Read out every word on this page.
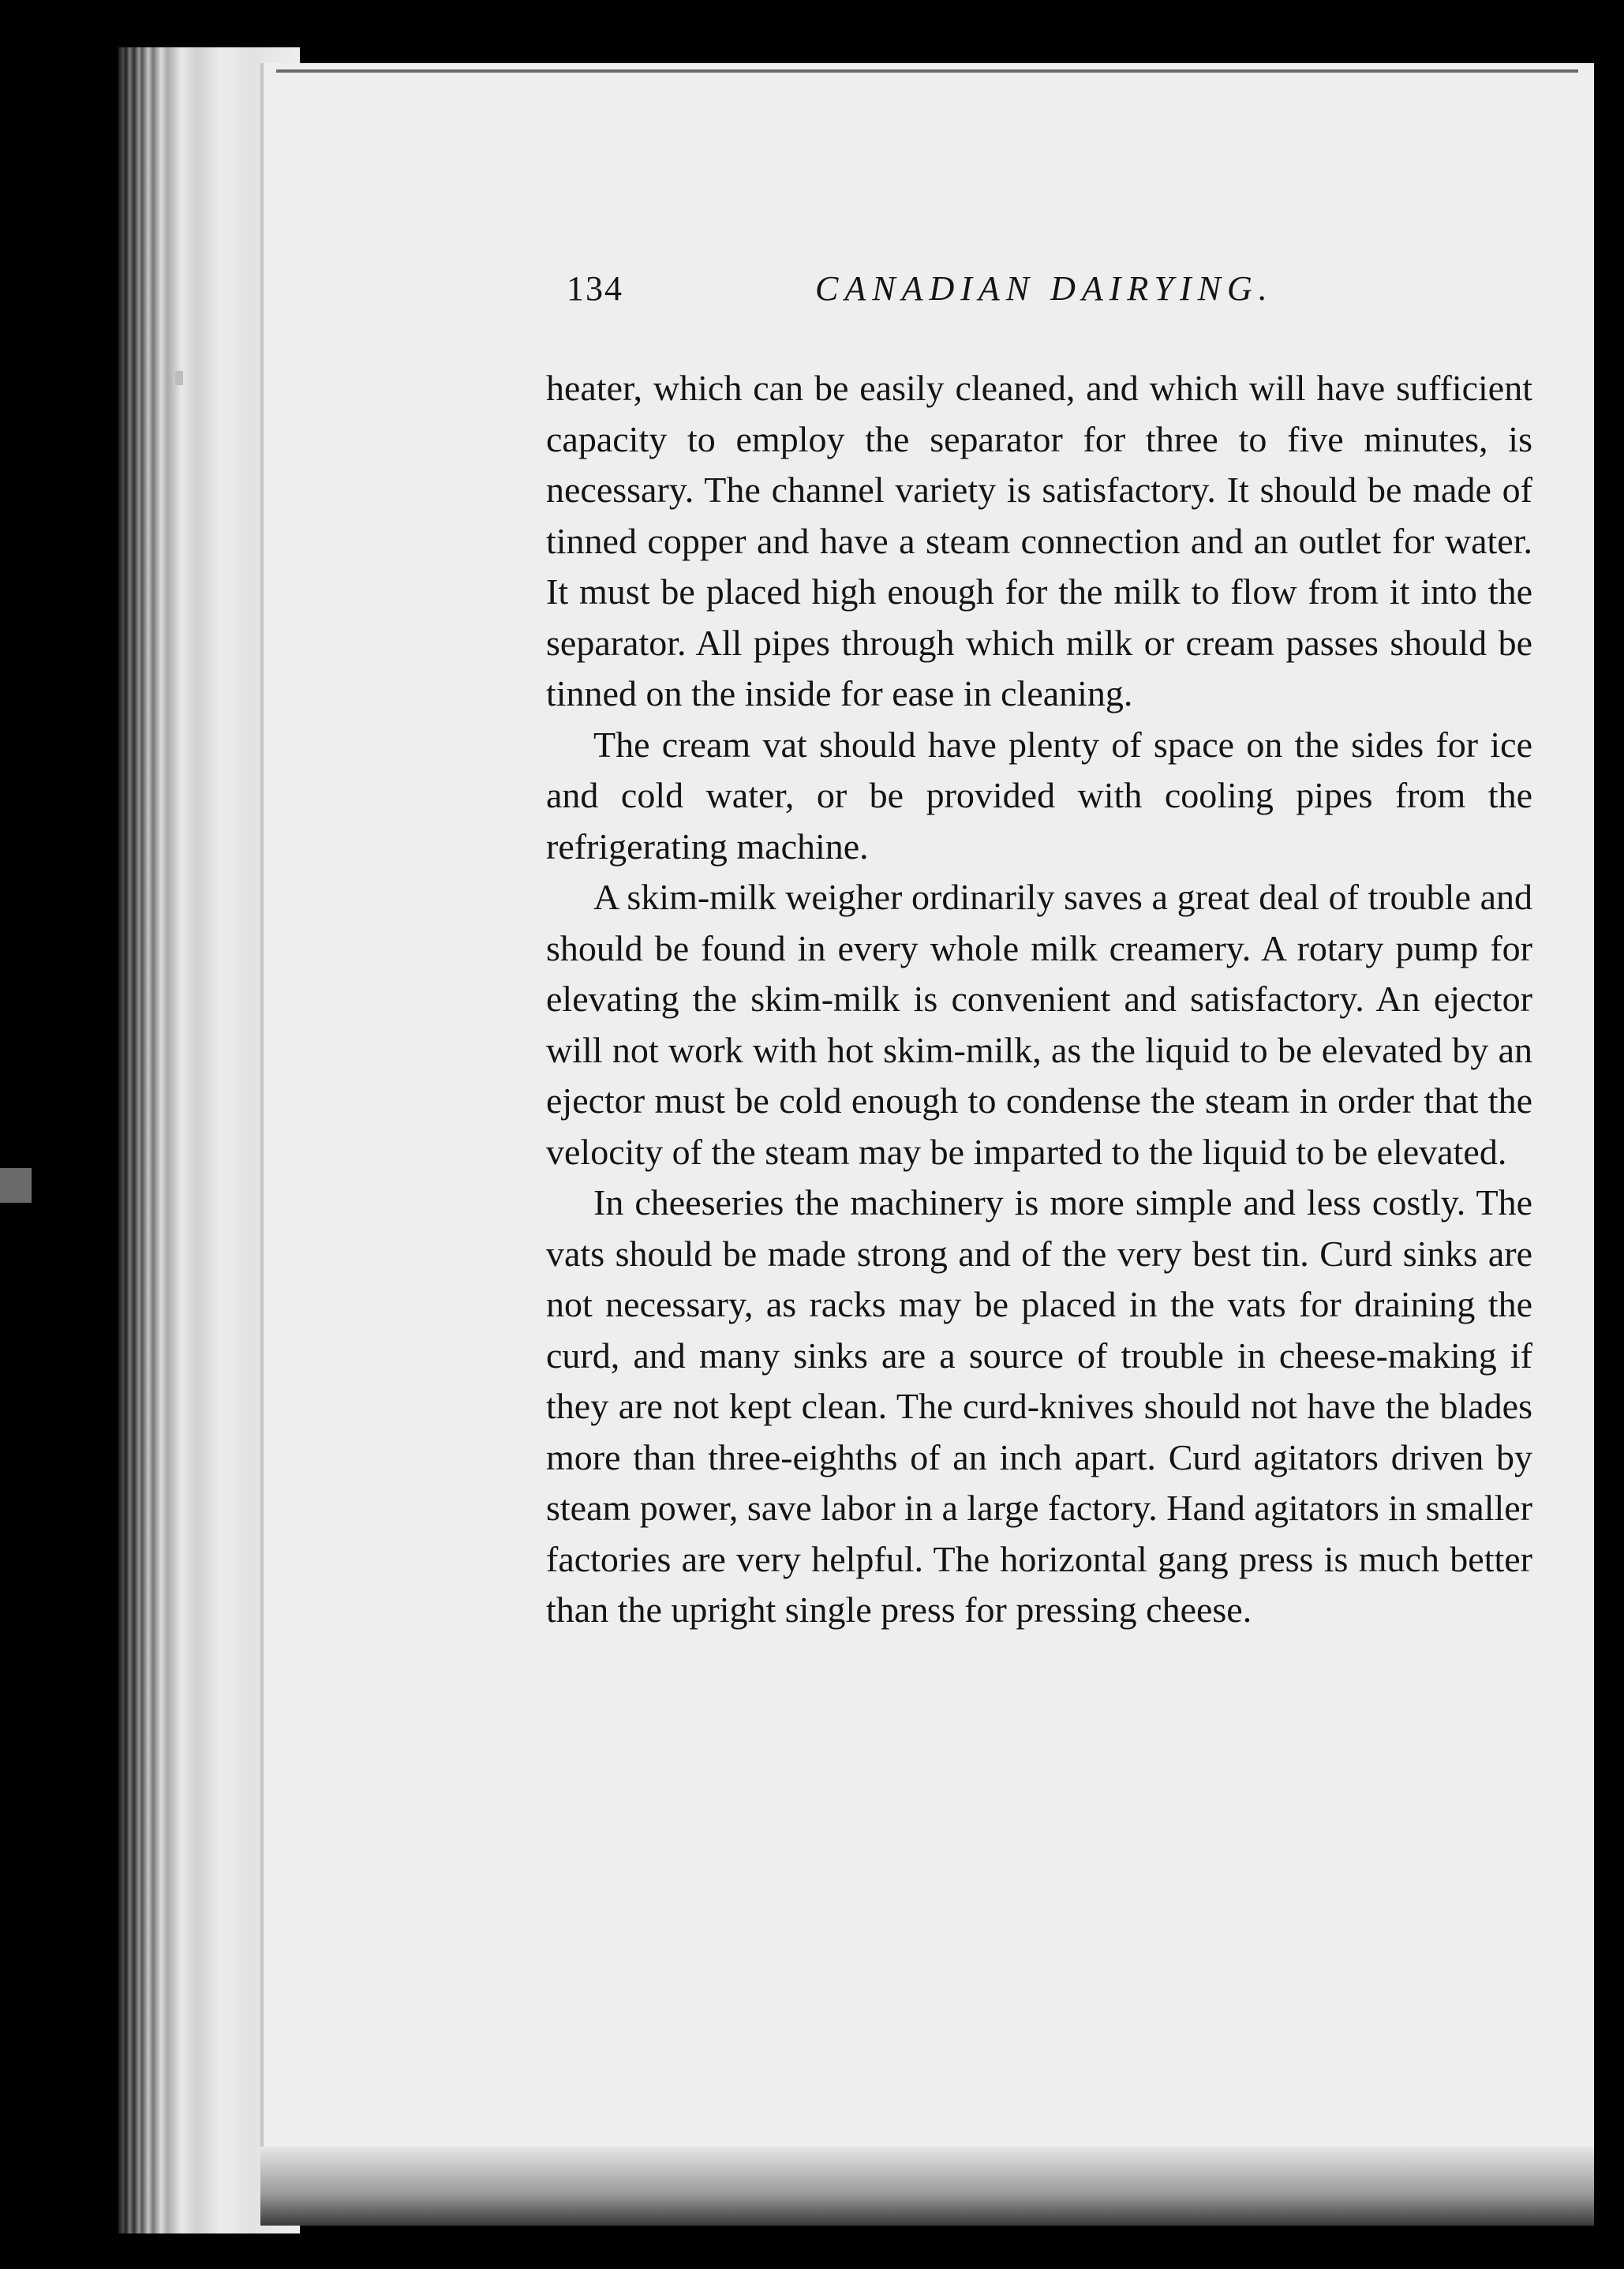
134	CANADIAN DAIRYING.

heater, which can be easily cleaned, and which will have sufficient capacity to employ the separator for three to five minutes, is necessary. The channel variety is satisfactory. It should be made of tinned copper and have a steam connection and an outlet for water. It must be placed high enough for the milk to flow from it into the separator. All pipes through which milk or cream passes should be tinned on the inside for ease in cleaning.

The cream vat should have plenty of space on the sides for ice and cold water, or be provided with cooling pipes from the refrigerating machine.

A skim-milk weigher ordinarily saves a great deal of trouble and should be found in every whole milk creamery. A rotary pump for elevating the skim-milk is convenient and satisfactory. An ejector will not work with hot skim-milk, as the liquid to be elevated by an ejector must be cold enough to condense the steam in order that the velocity of the steam may be imparted to the liquid to be elevated.

In cheeseries the machinery is more simple and less costly. The vats should be made strong and of the very best tin. Curd sinks are not necessary, as racks may be placed in the vats for draining the curd, and many sinks are a source of trouble in cheese-making if they are not kept clean. The curd-knives should not have the blades more than three-eighths of an inch apart. Curd agitators driven by steam power, save labor in a large factory. Hand agitators in smaller factories are very helpful. The horizontal gang press is much better than the upright single press for pressing cheese.
